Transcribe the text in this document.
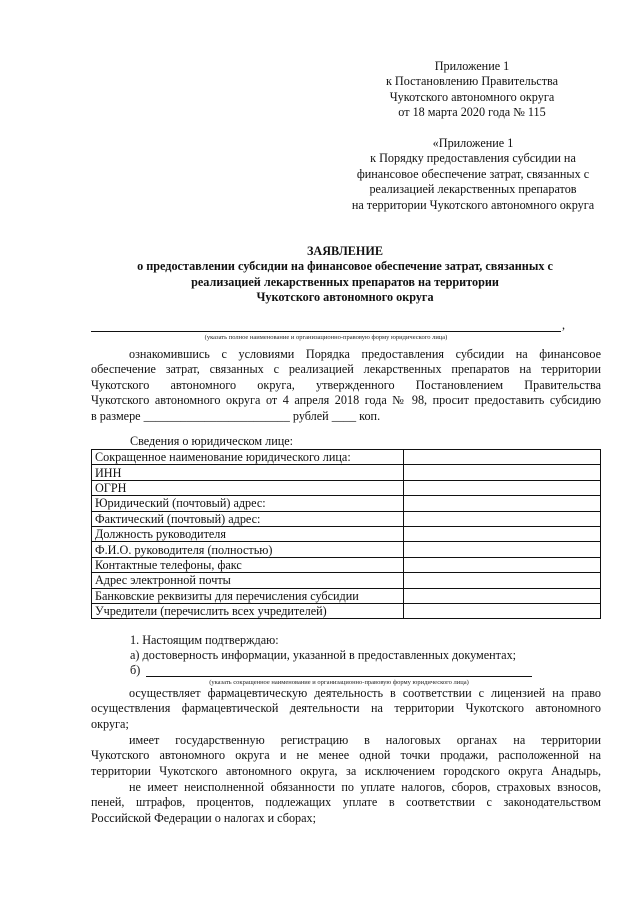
Приложение 1
к Постановлению Правительства
Чукотского автономного округа
от 18 марта 2020 года № 115
«Приложение 1
к Порядку предоставления субсидии на
финансовое обеспечение затрат, связанных с
реализацией лекарственных препаратов
на территории Чукотского автономного округа
ЗАЯВЛЕНИЕ
о предоставлении субсидии на финансовое обеспечение затрат, связанных с
реализацией лекарственных препаратов на территории
Чукотского автономного округа
,
(указать полное наименование и организационно-правовую форму юридического лица)
ознакомившись с условиями Порядка предоставления субсидии на финансовое
обеспечение затрат, связанных с реализацией лекарственных препаратов на территории
Чукотского автономного округа, утвержденного Постановлением Правительства
Чукотского автономного округа от 4 апреля 2018 года № 98, просит предоставить субсидию
в размере ________________________ рублей ____ коп.
Сведения о юридическом лице:
Сокращенное наименование юридического лица:	
ИНН	
ОГРН	
Юридический (почтовый) адрес:	
Фактический (почтовый) адрес:	
Должность руководителя	
Ф.И.О. руководителя (полностью)	
Контактные телефоны, факс	
Адрес электронной почты	
Банковские реквизиты для перечисления субсидии	
Учредители (перечислить всех учредителей)	
1. Настоящим подтверждаю:
а) достоверность информации, указанной в предоставленных документах;
б)
(указать сокращенное наименование и организационно-правовую форму юридического лица)
осуществляет фармацевтическую деятельность в соответствии с лицензией на право
осуществления фармацевтической деятельности на территории Чукотского автономного
округа;
имеет государственную регистрацию в налоговых органах на территории
Чукотского автономного округа и не менее одной точки продажи, расположенной на
территории Чукотского автономного округа, за исключением городского округа Анадырь,
не имеет неисполненной обязанности по уплате налогов, сборов, страховых взносов,
пеней, штрафов, процентов, подлежащих уплате в соответствии с законодательством
Российской Федерации о налогах и сборах;
